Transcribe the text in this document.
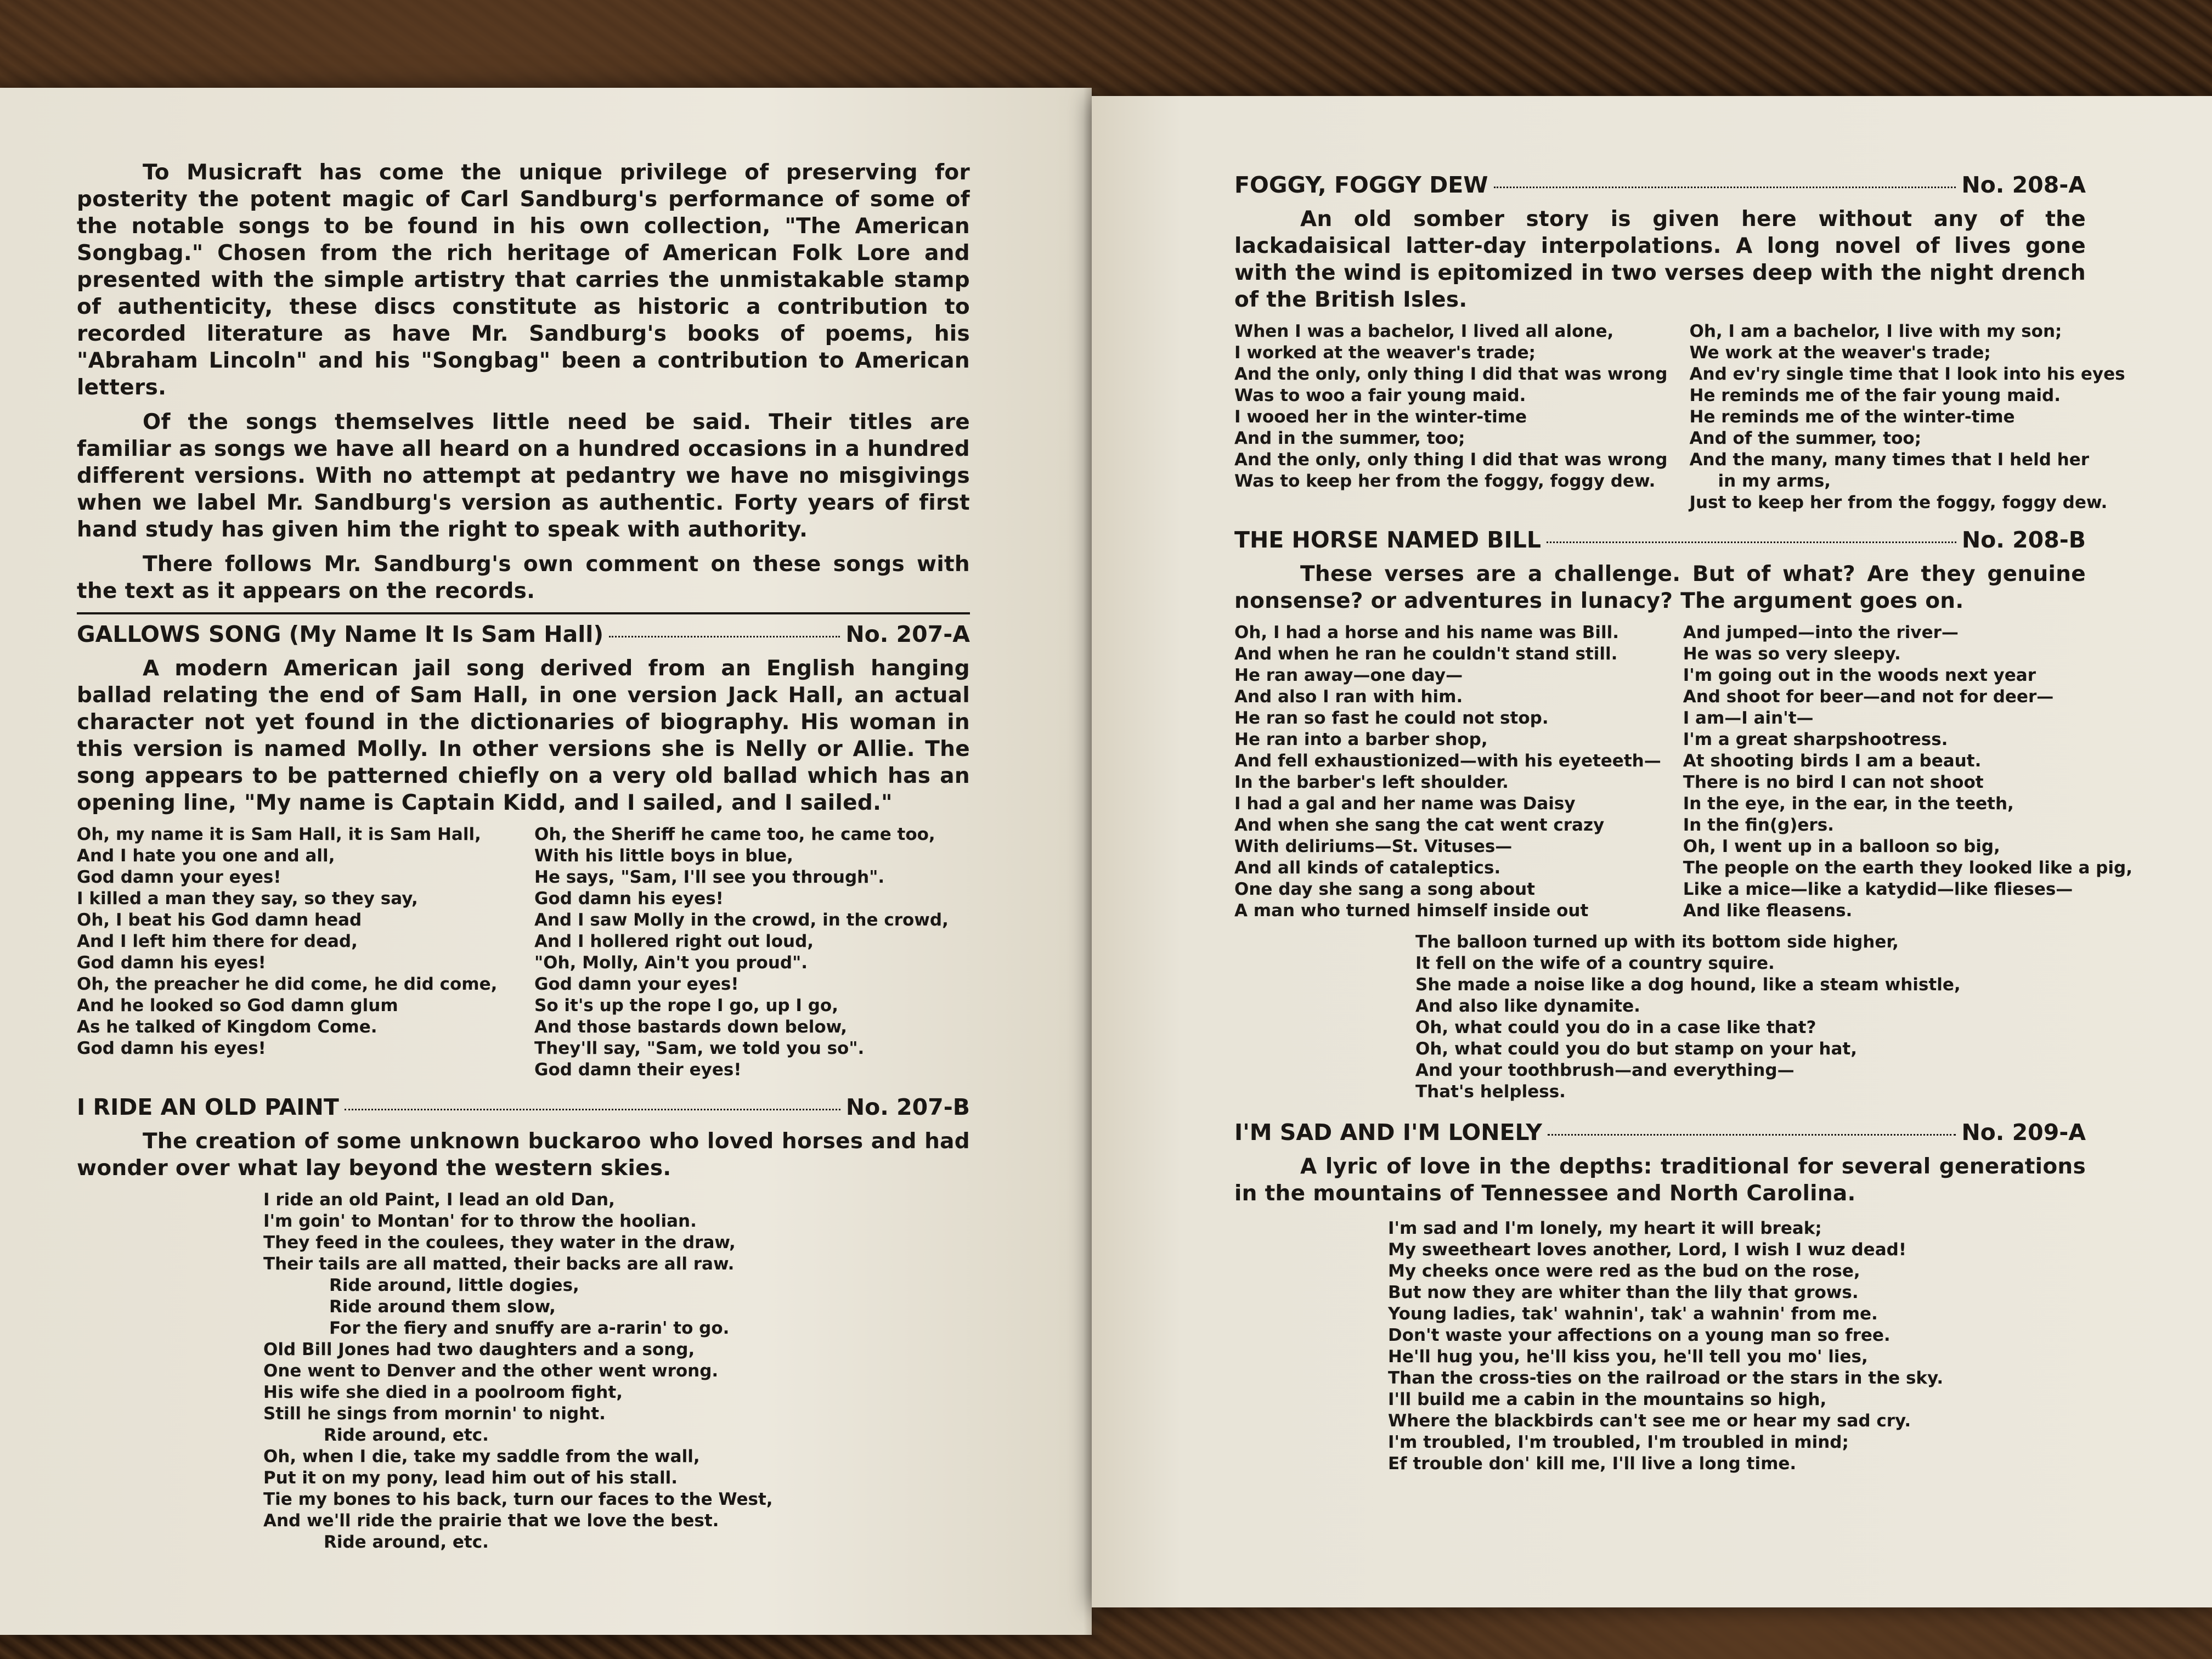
To Musicraft has come the unique privilege of preserving for posterity the potent magic of Carl Sandburg's performance of some of the notable songs to be found in his own collection, "The American Songbag." Chosen from the rich heritage of American Folk Lore and presented with the simple artistry that carries the unmistakable stamp of authenticity, these discs constitute as historic a contribution to recorded literature as have Mr. Sandburg's books of poems, his "Abraham Lincoln" and his "Songbag" been a contribution to American letters.

Of the songs themselves little need be said. Their titles are familiar as songs we have all heard on a hundred occasions in a hundred different versions. With no attempt at pedantry we have no misgivings when we label Mr. Sandburg's version as authentic. Forty years of first hand study has given him the right to speak with authority.

There follows Mr. Sandburg's own comment on these songs with the text as it appears on the records.

GALLOWS SONG (My Name It Is Sam Hall)	No. 207-A

A modern American jail song derived from an English hanging ballad relating the end of Sam Hall, in one version Jack Hall, an actual character not yet found in the dictionaries of biography. His woman in this version is named Molly. In other versions she is Nelly or Allie. The song appears to be patterned chiefly on a very old ballad which has an opening line, "My name is Captain Kidd, and I sailed, and I sailed."

Oh, my name it is Sam Hall, it is Sam Hall,
And I hate you one and all,
God damn your eyes!
I killed a man they say, so they say,
Oh, I beat his God damn head
And I left him there for dead,
God damn his eyes!
Oh, the preacher he did come, he did come,
And he looked so God damn glum
As he talked of Kingdom Come.
God damn his eyes!
Oh, the Sheriff he came too, he came too,
With his little boys in blue,
He says, "Sam, I'll see you through".
God damn his eyes!
And I saw Molly in the crowd, in the crowd,
And I hollered right out loud,
"Oh, Molly, Ain't you proud".
God damn your eyes!
So it's up the rope I go, up I go,
And those bastards down below,
They'll say, "Sam, we told you so".
God damn their eyes!
I RIDE AN OLD PAINT	No. 207-B

The creation of some unknown buckaroo who loved horses and had wonder over what lay beyond the western skies.

I ride an old Paint, I lead an old Dan,
I'm goin' to Montan' for to throw the hoolian.
They feed in the coulees, they water in the draw,
Their tails are all matted, their backs are all raw.
Ride around, little dogies,
Ride around them slow,
For the fiery and snuffy are a-rarin' to go.
Old Bill Jones had two daughters and a song,
One went to Denver and the other went wrong.
His wife she died in a poolroom fight,
Still he sings from mornin' to night.
Ride around, etc.
Oh, when I die, take my saddle from the wall,
Put it on my pony, lead him out of his stall.
Tie my bones to his back, turn our faces to the West,
And we'll ride the prairie that we love the best.
Ride around, etc.
FOGGY, FOGGY DEW	No. 208-A

An old somber story is given here without any of the lackadaisical latter-day interpolations. A long novel of lives gone with the wind is epitomized in two verses deep with the night drench of the British Isles.

When I was a bachelor, I lived all alone,
I worked at the weaver's trade;
And the only, only thing I did that was wrong
Was to woo a fair young maid.
I wooed her in the winter-time
And in the summer, too;
And the only, only thing I did that was wrong
Was to keep her from the foggy, foggy dew.
Oh, I am a bachelor, I live with my son;
We work at the weaver's trade;
And ev'ry single time that I look into his eyes
He reminds me of the fair young maid.
He reminds me of the winter-time
And of the summer, too;
And the many, many times that I held her
in my arms,
Just to keep her from the foggy, foggy dew.
THE HORSE NAMED BILL	No. 208-B

These verses are a challenge. But of what? Are they genuine nonsense? or adventures in lunacy? The argument goes on.

Oh, I had a horse and his name was Bill.
And when he ran he couldn't stand still.
He ran away—one day—
And also I ran with him.
He ran so fast he could not stop.
He ran into a barber shop,
And fell exhaustionized—with his eyeteeth—
In the barber's left shoulder.
I had a gal and her name was Daisy
And when she sang the cat went crazy
With deliriums—St. Vituses—
And all kinds of cataleptics.
One day she sang a song about
A man who turned himself inside out
And jumped—into the river—
He was so very sleepy.
I'm going out in the woods next year
And shoot for beer—and not for deer—
I am—I ain't—
I'm a great sharpshootress.
At shooting birds I am a beaut.
There is no bird I can not shoot
In the eye, in the ear, in the teeth,
In the fin(g)ers.
Oh, I went up in a balloon so big,
The people on the earth they looked like a pig,
Like a mice—like a katydid—like flieses—
And like fleasens.
The balloon turned up with its bottom side higher,
It fell on the wife of a country squire.
She made a noise like a dog hound, like a steam whistle,
And also like dynamite.
Oh, what could you do in a case like that?
Oh, what could you do but stamp on your hat,
And your toothbrush—and everything—
That's helpless.
I'M SAD AND I'M LONELY	No. 209-A

A lyric of love in the depths: traditional for several generations in the mountains of Tennessee and North Carolina.

I'm sad and I'm lonely, my heart it will break;
My sweetheart loves another, Lord, I wish I wuz dead!
My cheeks once were red as the bud on the rose,
But now they are whiter than the lily that grows.
Young ladies, tak' wahnin', tak' a wahnin' from me.
Don't waste your affections on a young man so free.
He'll hug you, he'll kiss you, he'll tell you mo' lies,
Than the cross-ties on the railroad or the stars in the sky.
I'll build me a cabin in the mountains so high,
Where the blackbirds can't see me or hear my sad cry.
I'm troubled, I'm troubled, I'm troubled in mind;
Ef trouble don' kill me, I'll live a long time.
